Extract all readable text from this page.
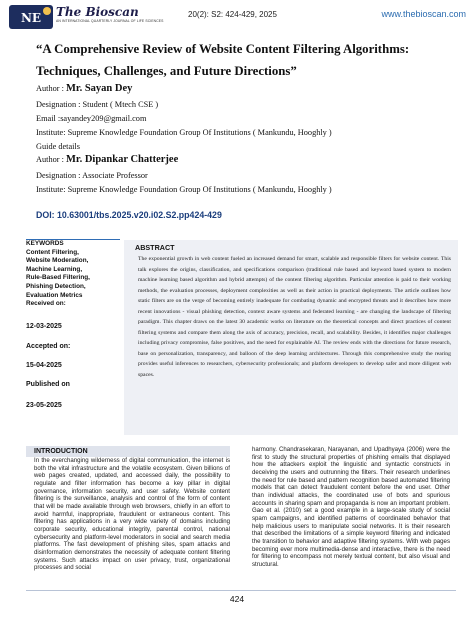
NE The Bioscan
AN INTERNATIONAL QUARTERLY JOURNAL OF LIFE SCIENCES
20(2): S2: 424-429, 2025	www.thebioscan.com
“A Comprehensive Review of Website Content Filtering Algorithms: Techniques, Challenges, and Future Directions”
Author : Mr. Sayan Dey
Designation : Student ( Mtech CSE )
Email :sayandey209@gmail.com
Institute: Supreme Knowledge Foundation Group Of Institutions ( Mankundu, Hooghly )
Guide details
Author : Mr. Dipankar Chatterjee
Designation : Associate Professor
Institute: Supreme Knowledge Foundation Group Of Institutions ( Mankundu, Hooghly )
DOI: 10.63001/tbs.2025.v20.i02.S2.pp424-429
KEYWORDS
Content Filtering,
Website Moderation,
Machine Learning,
Rule-Based Filtering,
Phishing Detection,
Evaluation Metrics
Received on:
12-03-2025
Accepted on:
15-04-2025
Published on
23-05-2025
ABSTRACT
The exponential growth in web content fueled an increased demand for smart, scalable and responsible filters for website content. This talk explores the origins, classification, and specifications comparison (traditional rule based and keyword based system to modern machine learning based algorithm and hybrid attempts) of the content filtering algorithm. Particular attention is paid to their working methods, the evaluation processes, deployment complexities as well as their action in practical deployments. The article outlines how static filters are on the verge of becoming entirely inadequate for combating dynamic and encrypted threats and it describes how more recent innovations - visual phishing detection, context aware systems and federated learning - are changing the landscape of filtering paradigm. This chapter draws on the latest 30 academic works on literature on the theoretical concepts and direct practices of content filtering systems and compare them along the axis of accuracy, precision, recall, and scalability. Besides, it identifies major challenges including privacy compromise, false positives, and the need for explainable AI. The review ends with the directions for future research, base on personalization, transparency, and balloon of the deep learning architectures. Through this comprehensive study the rearing provides useful inferences to researchers, cybersecurity professionals; and platform developers to develop safer and more diligent web spaces.
INTRODUCTION
In the everchanging wilderness of digital communication, the internet is both the vital infrastructure and the volatile ecosystem. Given billions of web pages created, updated, and accessed daily, the possibility to regulate and filter information has become a key pillar in digital governance, information security, and user safety. Website content filtering is the surveillance, analysis and control of the form of content that will be made available through web browsers, chiefly in an effort to avoid harmful, inappropriate, fraudulent or extraneous content. This filtering has applications in a very wide variety of domains including corporate security, educational integrity, parental control, national cybersecurity and platform-level moderators in social and search media platforms. The fast development of phishing sites, spam attacks and disinformation demonstrates the necessity of adequate content filtering systems. Such attacks impact on user privacy, trust, organizational processes and social
harmony. Chandrasekaran, Narayanan, and Upadhyaya (2006) were the first to study the structural properties of phishing emails that displayed how the attackers exploit the linguistic and syntactic constructs in deceiving the users and outrunning the filters. Their research underlines the need for rule based and pattern recognition based automated filtering models that can detect fraudulent content before the end user. Other than individual attacks, the coordinated use of bots and spurious accounts in sharing spam and propaganda is now an important problem. Gao et al. (2010) set a good example in a large-scale study of social spam campaigns, and identified patterns of coordinated behavior that help malicious users to manipulate social networks. It is their research that described the limitations of a simple keyword filtering and indicated the transition to behavior and adaptive filtering systems. With web pages becoming ever more multimedia-dense and interactive, there is the need for filtering to encompass not merely textual content, but also visual and structural.
424
